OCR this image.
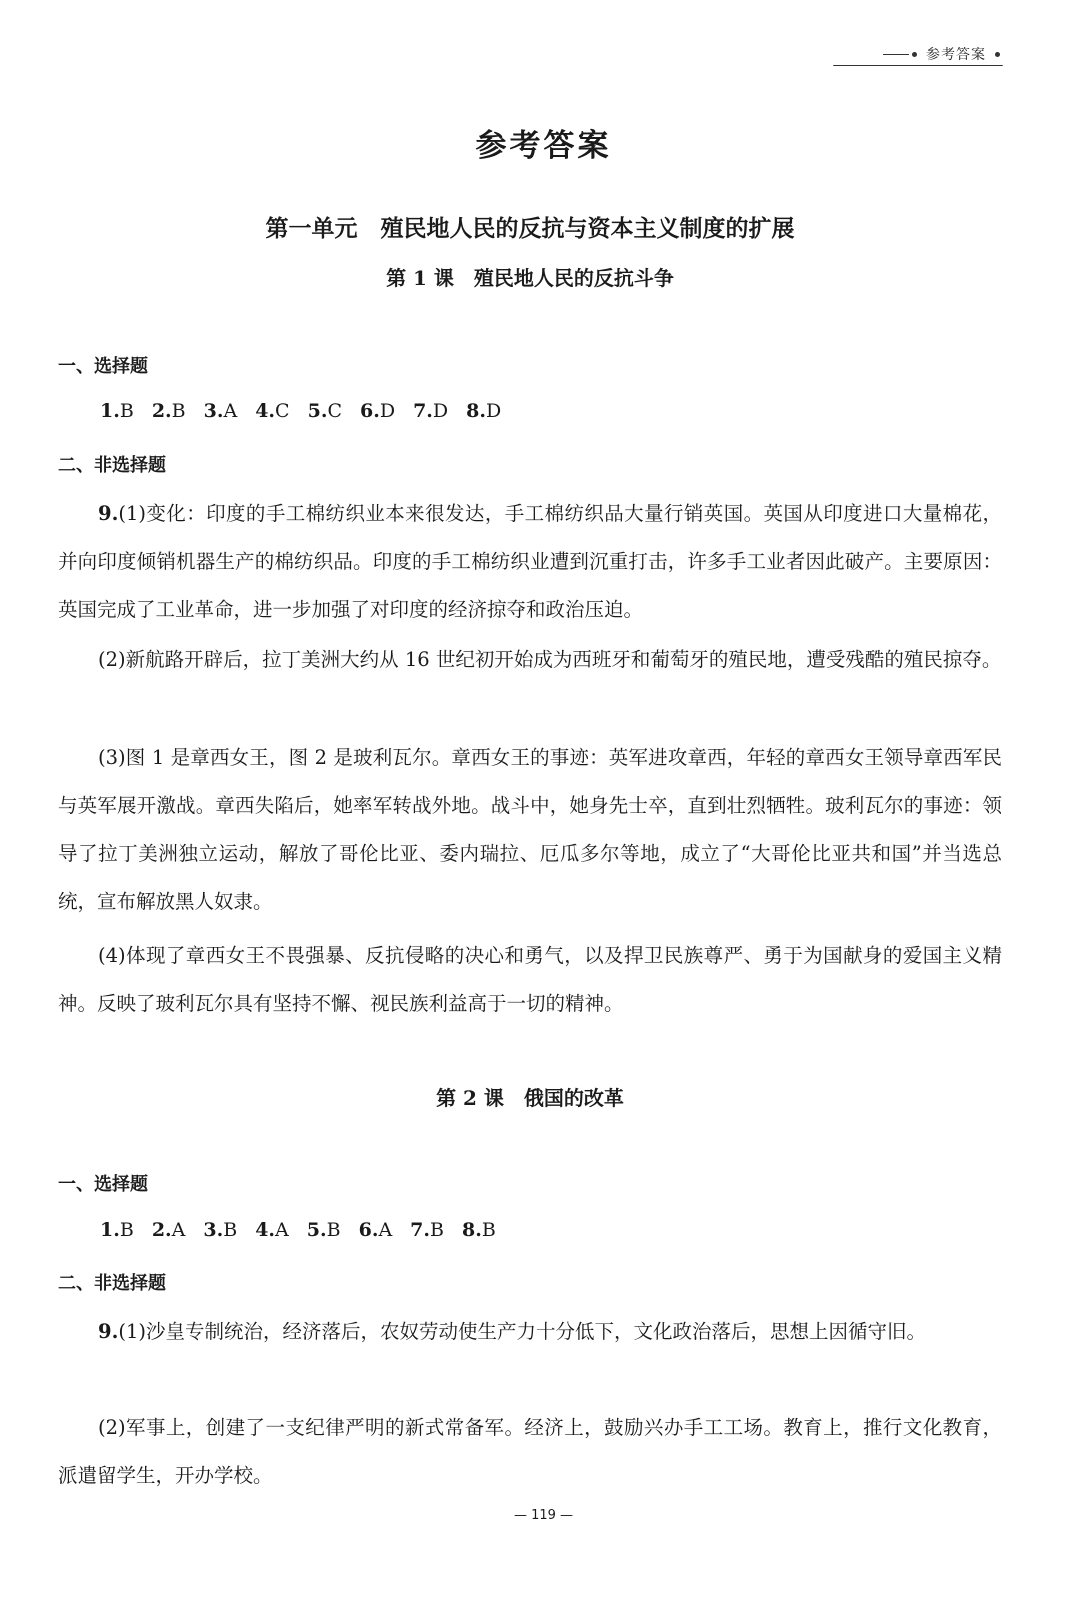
参考答案
参考答案
第一单元　殖民地人民的反抗与资本主义制度的扩展
第 1 课　殖民地人民的反抗斗争
一、选择题
1.B 2.B 3.A 4.C 5.C 6.D 7.D 8.D
二、非选择题

9.(1)变化：印度的手工棉纺织业本来很发达，手工棉纺织品大量行销英国。英国从印度进口大量棉花，并向印度倾销机器生产的棉纺织品。印度的手工棉纺织业遭到沉重打击，许多手工业者因此破产。主要原因：英国完成了工业革命，进一步加强了对印度的经济掠夺和政治压迫。

(2)新航路开辟后，拉丁美洲大约从 16 世纪初开始成为西班牙和葡萄牙的殖民地，遭受残酷的殖民掠夺。

(3)图 1 是章西女王，图 2 是玻利瓦尔。章西女王的事迹：英军进攻章西，年轻的章西女王领导章西军民与英军展开激战。章西失陷后，她率军转战外地。战斗中，她身先士卒，直到壮烈牺牲。玻利瓦尔的事迹：领导了拉丁美洲独立运动，解放了哥伦比亚、委内瑞拉、厄瓜多尔等地，成立了“大哥伦比亚共和国”并当选总统，宣布解放黑人奴隶。

(4)体现了章西女王不畏强暴、反抗侵略的决心和勇气，以及捍卫民族尊严、勇于为国献身的爱国主义精神。反映了玻利瓦尔具有坚持不懈、视民族利益高于一切的精神。

第 2 课　俄国的改革
一、选择题
1.B 2.A 3.B 4.A 5.B 6.A 7.B 8.B
二、非选择题

9.(1)沙皇专制统治，经济落后，农奴劳动使生产力十分低下，文化政治落后，思想上因循守旧。

(2)军事上，创建了一支纪律严明的新式常备军。经济上，鼓励兴办手工工场。教育上，推行文化教育，派遣留学生，开办学校。

— 119 —
